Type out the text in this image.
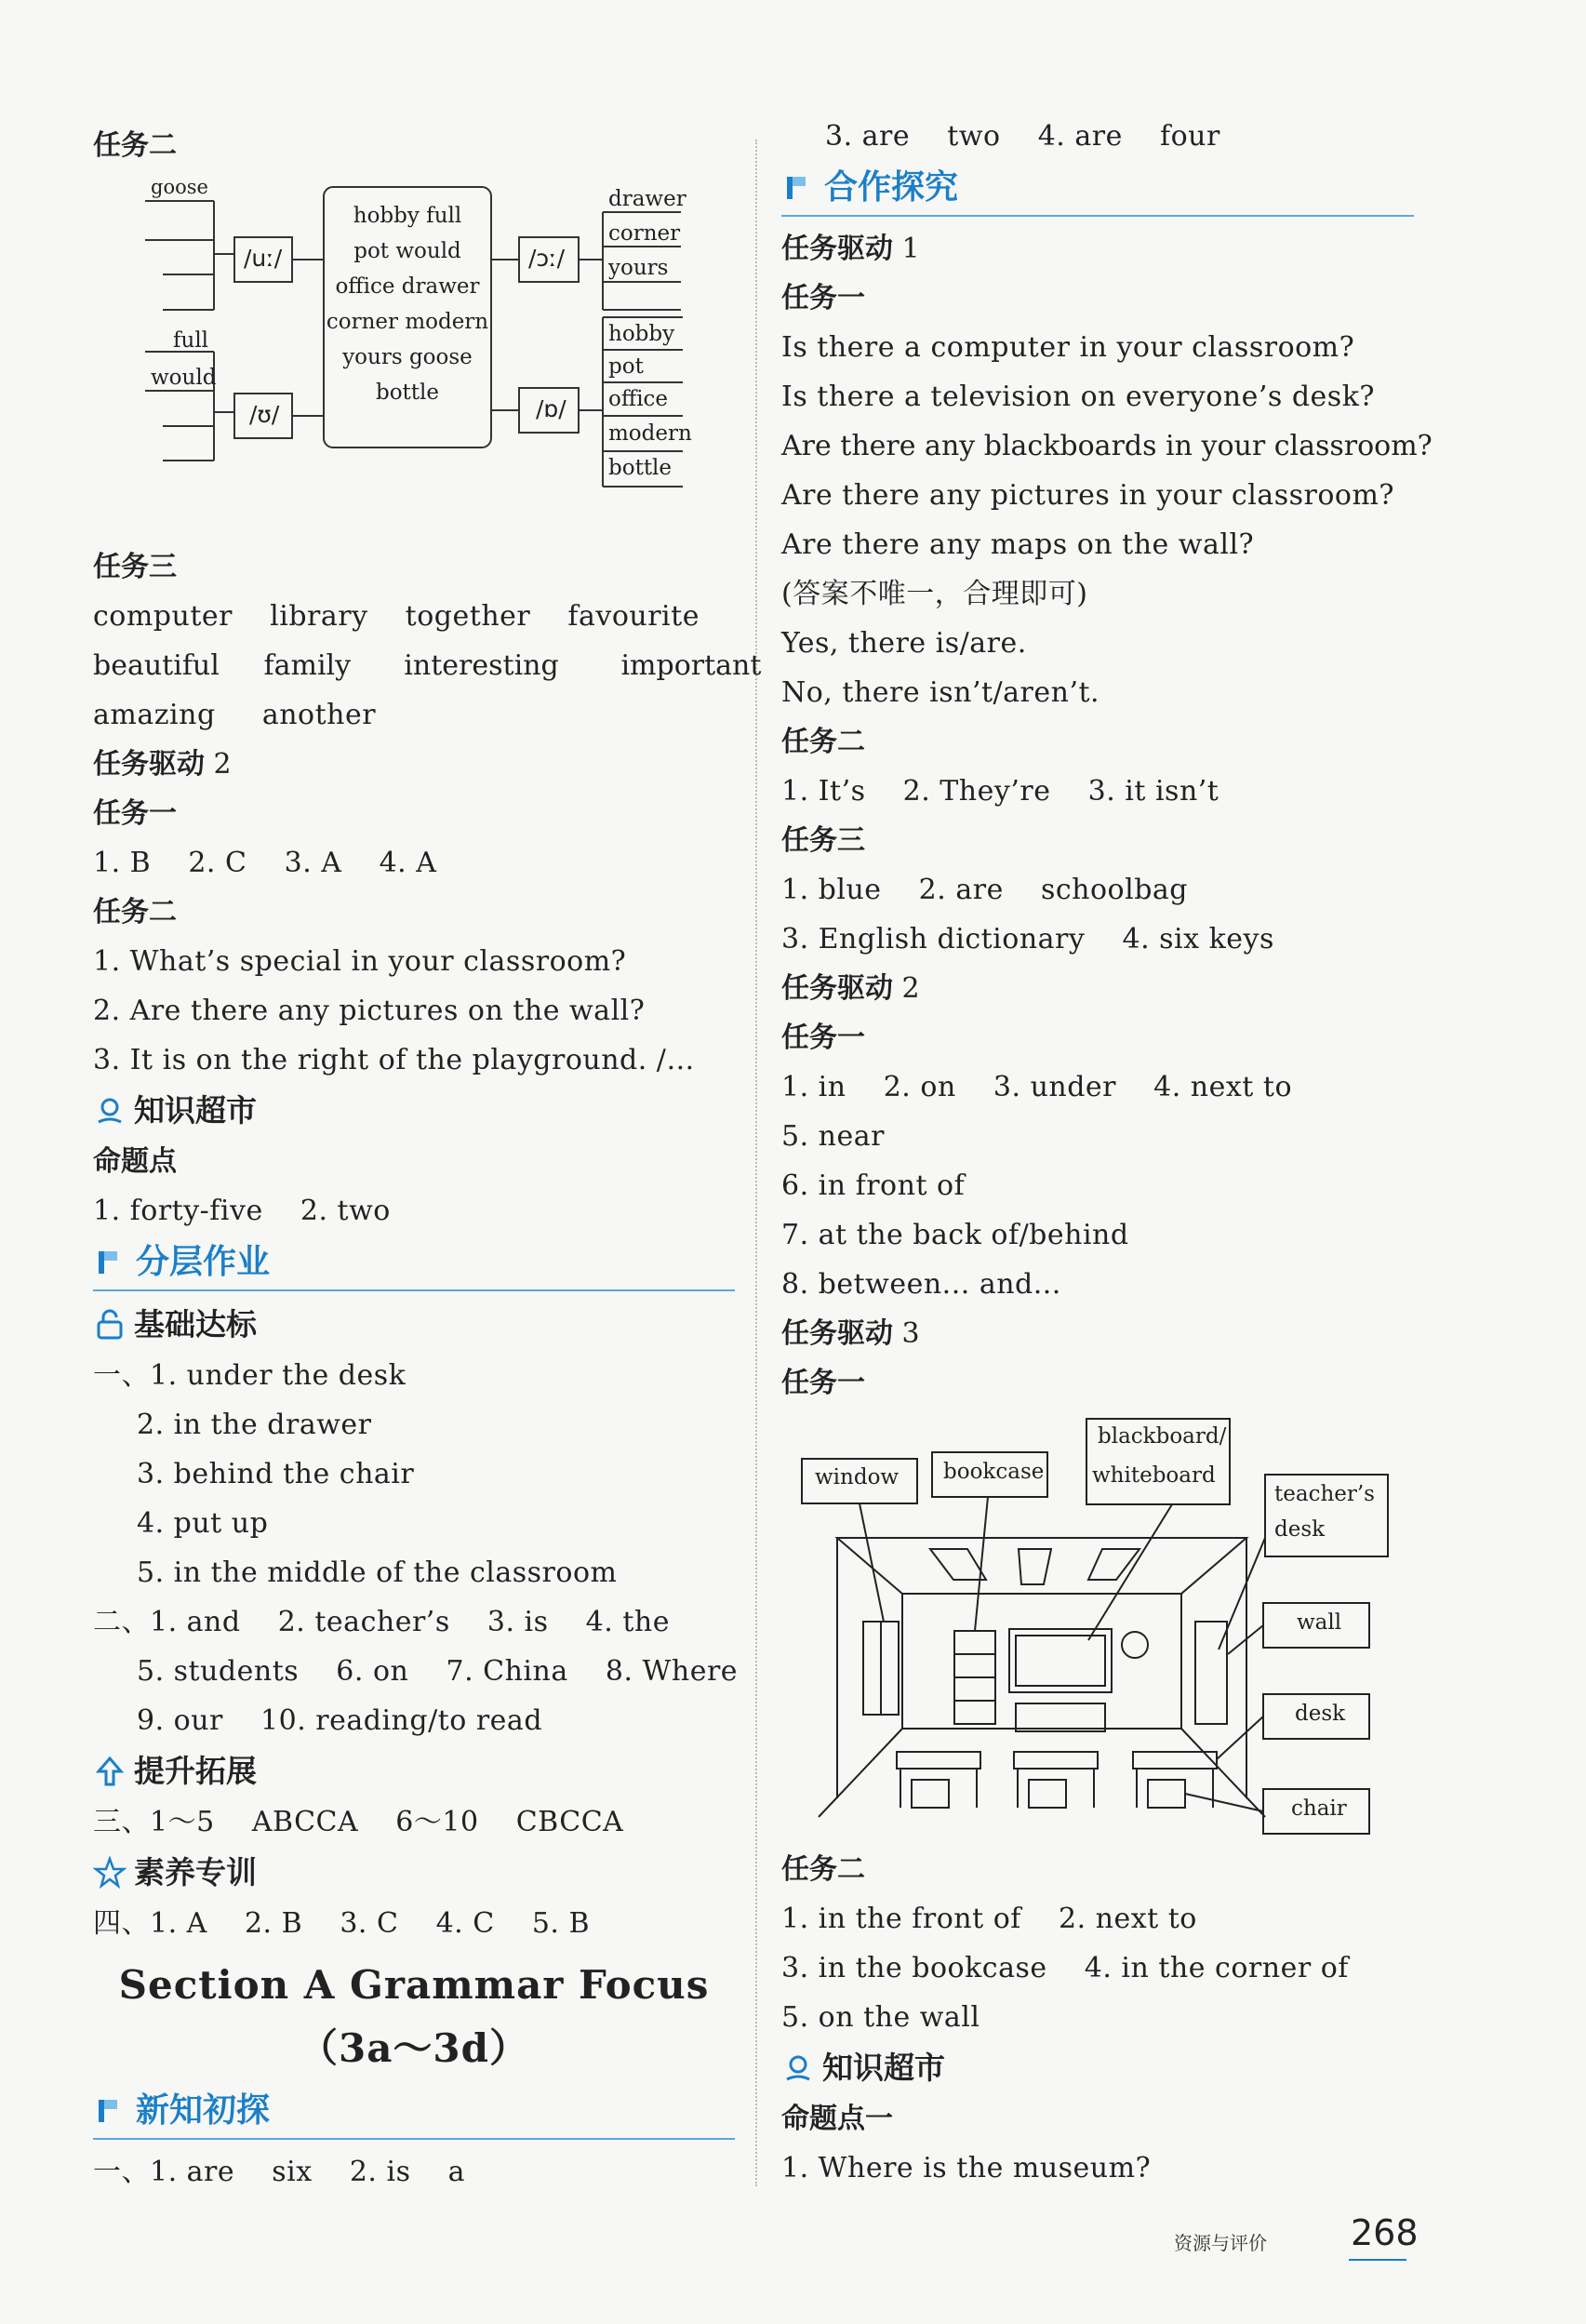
任务二
goose
full
would
/uː/
/ʊ/
hobby full
pot would
office drawer
corner modern
yours goose
bottle
/ɔː/
/ɒ/
drawer
corner
yours
hobby
pot
office
modern
bottle
任务三
computer    library    together    favourite
beautiful     family      interesting       important
amazing     another
任务驱动 2
任务一
1. B    2. C    3. A    4. A
任务二
1. What’s special in your classroom?
2. Are there any pictures on the wall?
3. It is on the right of the playground. /…
知识超市
命题点
1. forty-five    2. two
分层作业
基础达标
一、1. under the desk
2. in the drawer
3. behind the chair
4. put up
5. in the middle of the classroom
二、1. and    2. teacher’s    3. is    4. the
5. students    6. on    7. China    8. Where
9. our    10. reading/to read
提升拓展
三、1～5    ABCCA    6～10    CBCCA
素养专训
四、1. A    2. B    3. C    4. C    5. B
Section A Grammar Focus
（3a～3d）
新知初探
一、1. are    six    2. is    a
3. are    two    4. are    four
合作探究
任务驱动 1
任务一
Is there a computer in your classroom?
Is there a television on everyone’s desk?
Are there any blackboards in your classroom?
Are there any pictures in your classroom?
Are there any maps on the wall?
(答案不唯一，合理即可)
Yes, there is/are.
No, there isn’t/aren’t.
任务二
1. It’s    2. They’re    3. it isn’t
任务三
1. blue    2. are    schoolbag
3. English dictionary    4. six keys
任务驱动 2
任务一
1. in    2. on    3. under    4. next to
5. near
6. in front of
7. at the back of/behind
8. between... and...
任务驱动 3
任务一
window bookcase
blackboard/
whiteboard
teacher’s
desk
wall
desk
chair
任务二
1. in the front of    2. next to
3. in the bookcase    4. in the corner of
5. on the wall
知识超市
命题点一
1. Where is the museum?
资源与评价 268
